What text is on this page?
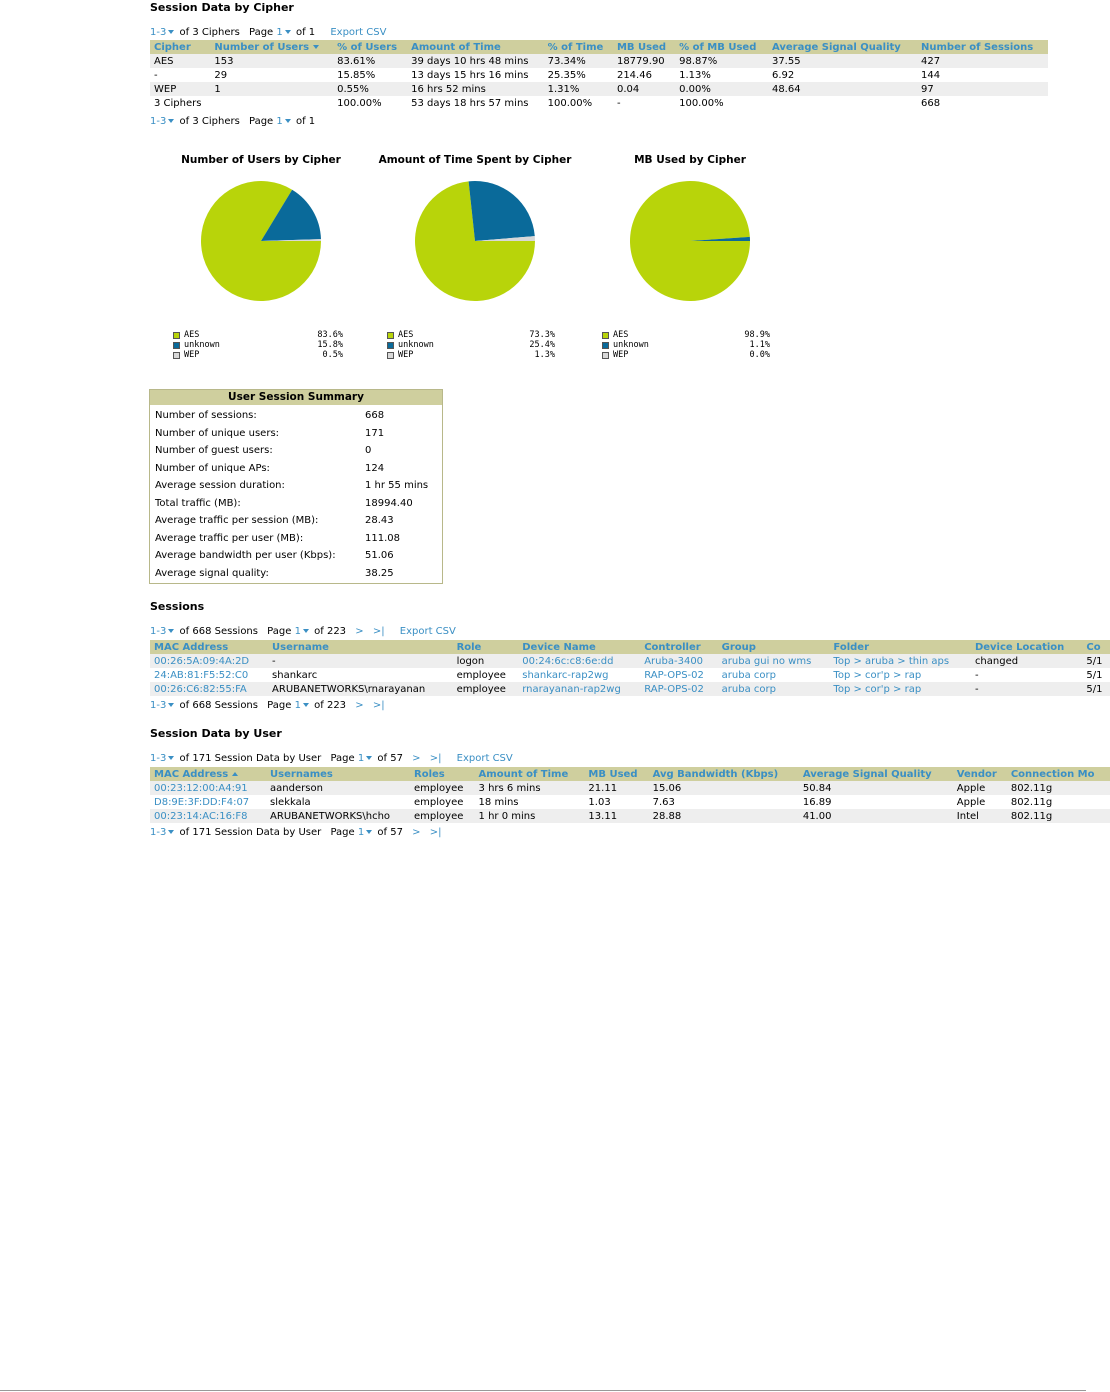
Session Data by Cipher
1-3 of 3 Ciphers Page 1 of 1 Export CSV
Cipher	Number of Users	% of Users	Amount of Time	% of Time	MB Used	% of MB Used	Average Signal Quality	Number of Sessions
AES	153	83.61%	39 days 10 hrs 48 mins	73.34%	18779.90	98.87%	37.55	427
-	29	15.85%	13 days 15 hrs 16 mins	25.35%	214.46	1.13%	6.92	144
WEP	1	0.55%	16 hrs 52 mins	1.31%	0.04	0.00%	48.64	97
3 Ciphers		100.00%	53 days 18 hrs 57 mins	100.00%	-	100.00%		668
1-3 of 3 Ciphers Page 1 of 1
Number of Users by Cipher
AES	83.6%
unknown	15.8%
WEP	0.5%
Amount of Time Spent by Cipher
AES	73.3%
unknown	25.4%
WEP	1.3%
MB Used by Cipher
AES	98.9%
unknown	1.1%
WEP	0.0%
User Session Summary
Number of sessions:	668
Number of unique users:	171
Number of guest users:	0
Number of unique APs:	124
Average session duration:	1 hr 55 mins
Total traffic (MB):	18994.40
Average traffic per session (MB):	28.43
Average traffic per user (MB):	111.08
Average bandwidth per user (Kbps):	51.06
Average signal quality:	38.25
Sessions
1-3 of 668 Sessions Page 1 of 223 > >| Export CSV
MAC Address	Username	Role	Device Name	Controller	Group	Folder	Device Location	Co
00:26:5A:09:4A:2D	-	logon	00:24:6c:c8:6e:dd	Aruba-3400	aruba gui no wms	Top > aruba > thin aps	changed	5/1
24:AB:81:F5:52:C0	shankarc	employee	shankarc-rap2wg	RAP-OPS-02	aruba corp	Top > cor'p > rap	-	5/1
00:26:C6:82:55:FA	ARUBANETWORKS\rnarayanan	employee	rnarayanan-rap2wg	RAP-OPS-02	aruba corp	Top > cor'p > rap	-	5/1
1-3 of 668 Sessions Page 1 of 223 > >|
Session Data by User
1-3 of 171 Session Data by User Page 1 of 57 > >| Export CSV
MAC Address	Usernames	Roles	Amount of Time	MB Used	Avg Bandwidth (Kbps)	Average Signal Quality	Vendor	Connection Mo
00:23:12:00:A4:91	aanderson	employee	3 hrs 6 mins	21.11	15.06	50.84	Apple	802.11g
D8:9E:3F:DD:F4:07	slekkala	employee	18 mins	1.03	7.63	16.89	Apple	802.11g
00:23:14:AC:16:F8	ARUBANETWORKS\hcho	employee	1 hr 0 mins	13.11	28.88	41.00	Intel	802.11g
1-3 of 171 Session Data by User Page 1 of 57 > >|
